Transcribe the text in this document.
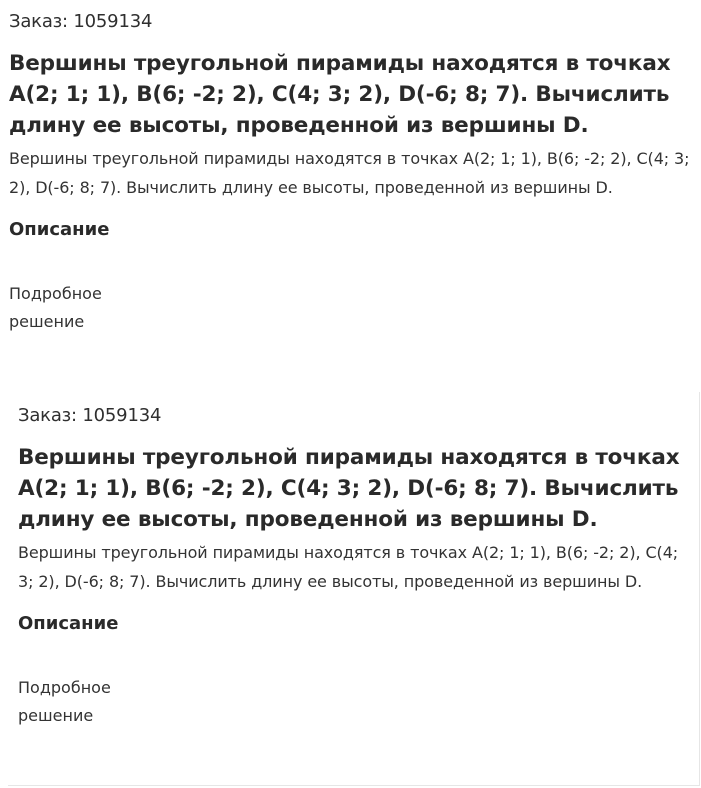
Заказ: 1059134

Вершины треугольной пирамиды находятся в точках A(2; 1; 1), B(6; -2; 2), C(4; 3; 2), D(-6; 8; 7). Вычислить длину ее высоты, проведенной из вершины D.

Вершины треугольной пирамиды находятся в точках A(2; 1; 1), B(6; -2; 2), C(4; 3; 2), D(-6; 8; 7). Вычислить длину ее высоты, проведенной из вершины D.

Описание
Подробное решение

Заказ: 1059134

Вершины треугольной пирамиды находятся в точках A(2; 1; 1), B(6; -2; 2), C(4; 3; 2), D(-6; 8; 7). Вычислить длину ее высоты, проведенной из вершины D.

Вершины треугольной пирамиды находятся в точках A(2; 1; 1), B(6; -2; 2), C(4; 3; 2), D(-6; 8; 7). Вычислить длину ее высоты, проведенной из вершины D.

Описание
Подробное решение
